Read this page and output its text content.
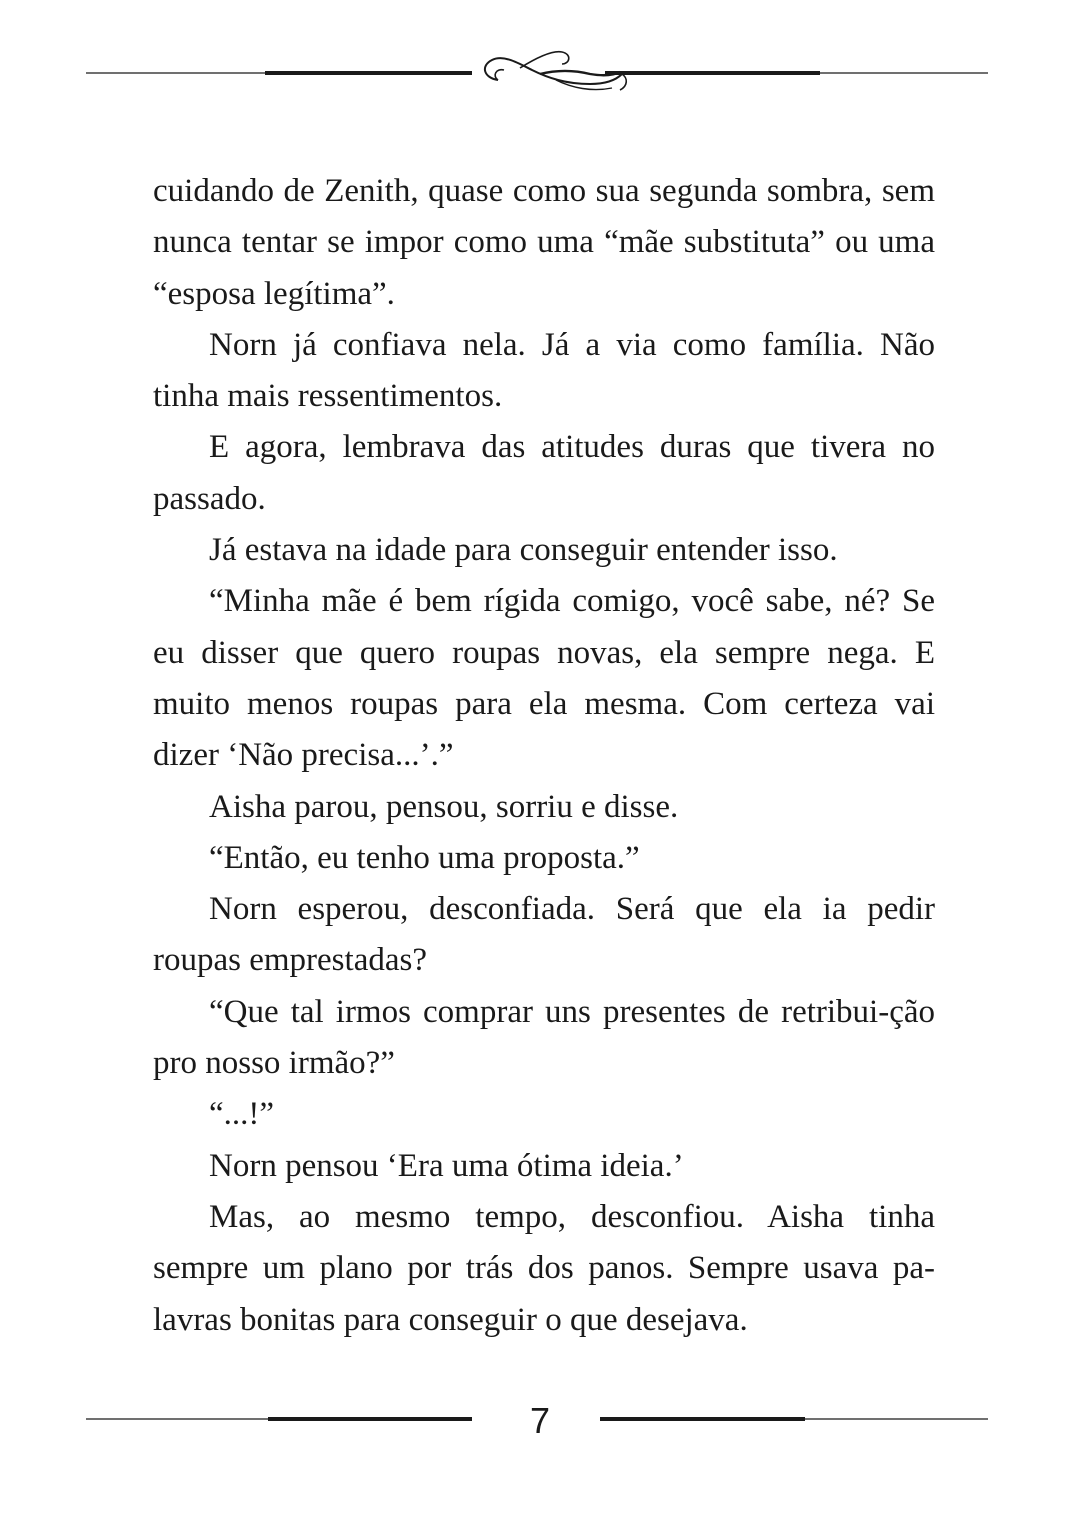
cuidando de Zenith, quase como sua segunda sombra, sem nunca tentar se impor como uma “mãe substituta” ou uma “esposa legítima”.

Norn já confiava nela. Já a via como família. Não tinha mais ressentimentos.

E agora, lembrava das atitudes duras que tivera no passado.

Já estava na idade para conseguir entender isso.

“Minha mãe é bem rígida comigo, você sabe, né? Se eu disser que quero roupas novas, ela sempre nega. E muito menos roupas para ela mesma. Com certeza vai dizer ‘Não precisa...’.”

Aisha parou, pensou, sorriu e disse.

“Então, eu tenho uma proposta.”

Norn esperou, desconfiada. Será que ela ia pedir roupas emprestadas?

“Que tal irmos comprar uns presentes de retribui-ção pro nosso irmão?”

“...!”

Norn pensou ‘Era uma ótima ideia.’

Mas, ao mesmo tempo, desconfiou. Aisha tinha sempre um plano por trás dos panos. Sempre usava pa-lavras bonitas para conseguir o que desejava.

7
